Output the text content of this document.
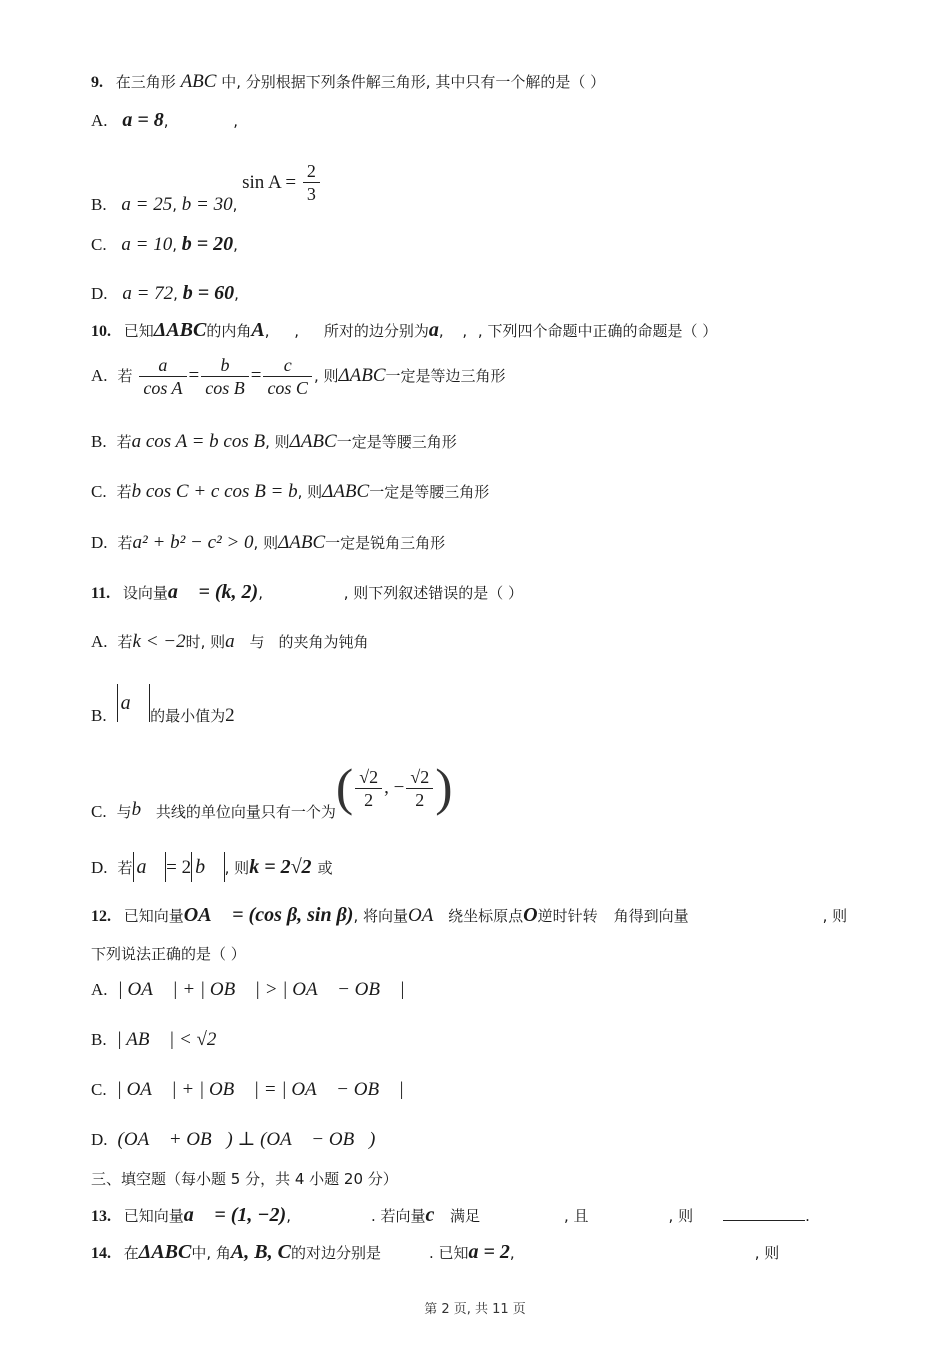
9. 在三角形 ABC 中, 分别根据下列条件解三角形, 其中只有一个解的是（ ）
A. a = 8,	,
B. a = 25, b = 30, $\sin A = \frac{2}{3}$
C. a = 10, b = 20,
D. a = 72, b = 60,
10. 已知ΔABC的内角A, , 所对的边分别为a, , , 下列四个命题中正确的命题是（ ）
A. 若 $\frac{a}{\text{cos A}} = \frac{b}{\text{cos B}} = \frac{c}{\text{cos C}}$ , 则ΔABC一定是等边三角形
B. 若a cos A = b cos B, 则ΔABC一定是等腰三角形
C. 若b cos C + c cos B = b, 则ΔABC一定是等腰三角形
D. 若a² + b² − c² > 0, 则ΔABC一定是锐角三角形
11. 设向量a⃗ = (k, 2),	, 则下列叙述错误的是（ ）
A. 若k < −2时, 则a⃗与 的夹角为钝角
B.a⃗的最小值为2
C. 与b⃗共线的单位向量只有一个为( $\frac{√2}{2}$ , − $\frac{√2}{2}$ )
D. 若 a⃗ = 2 b⃗ , 则k = 2√2 或
12. 已知向量OA⃗ = (cos β, sin β), 将向量OA⃗绕坐标原点O逆时针转 角得到向量	, 则
下列说法正确的是（ ）
A. | OA⃗ | + | OB⃗ | > | OA⃗ − OB⃗ |
B. | AB⃗ | < √2
C. | OA⃗ | + | OB⃗ | = | OA⃗ − OB⃗ |
D. (OA⃗ + OB⃗) ⊥ (OA⃗ − OB⃗)
三、填空题（每小题 5 分，共 4 小题 20 分）
13. 已知向量a⃗ = (1, −2),	. 若向量c⃗满足	, 且	, 则	.
14. 在ΔABC中, 角A, B, C的对边分别是	. 已知a = 2,	, 则
第 2 页, 共 11 页
